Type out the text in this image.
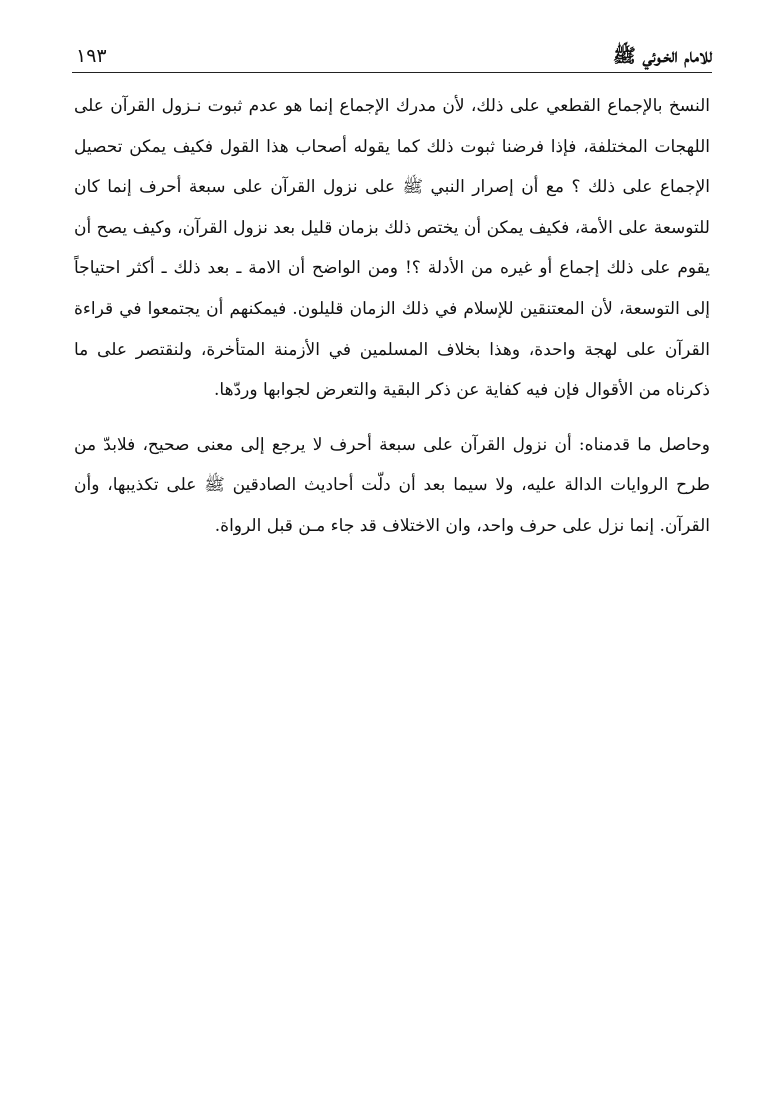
للامام الخـوئي ﷺ
١٩٣

النسخ بالإجماع القطعي على ذلك، لأن مدرك الإجماع إنما هو عدم ثبوت نـزول القرآن على اللهجات المختلفة، فإذا فرضنا ثبوت ذلك كما يقوله أصحاب هذا القول فكيف يمكن تحصيل الإجماع على ذلك ؟ مع أن إصرار النبي ﷺ على نزول القرآن على سبعة أحرف إنما كان للتوسعة على الأمة، فكيف يمكن أن يختص ذلك بزمان قليل بعد نزول القرآن، وكيف يصح أن يقوم على ذلك إجماع أو غيره من الأدلة ؟! ومن الواضح أن الامة ـ بعد ذلك ـ أكثر احتياجاً إلى التوسعة، لأن المعتنقين للإسلام في ذلك الزمان قليلون. فيمكنهم أن يجتمعوا في قراءة القرآن على لهجة واحدة، وهذا بخلاف المسلمين في الأزمنة المتأخرة، ولنقتصر على ما ذكرناه من الأقوال فإن فيه كفاية عن ذكر البقية والتعرض لجوابها وردّها.

وحاصل ما قدمناه: أن نزول القرآن على سبعة أحرف لا يرجع إلى معنى صحيح، فلابدّ من طرح الروايات الدالة عليه، ولا سيما بعد أن دلّت أحاديث الصادقين ﷺ على تكذيبها، وأن القرآن. إنما نزل على حرف واحد، وان الاختلاف قد جاء مـن قبل الرواة.
